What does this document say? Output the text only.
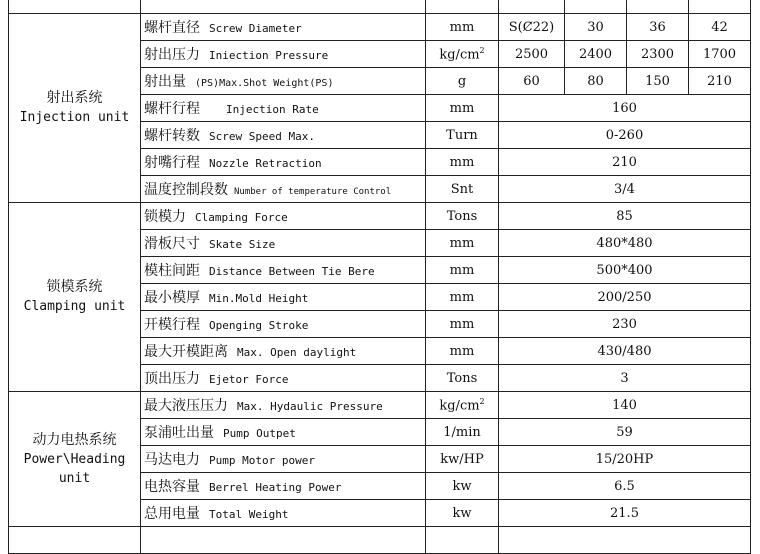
射出系统
Injection unit	螺杆直径 Screw Diameter	mm	S(Ȼ22)	30	36	42
	射出压力 Iniection Pressure	$kg/cm^2$	2500	2400	2300	1700
	射出量 (PS)Max.Shot Weight(PS)	g	60	80	150	210
	螺杆行程 Injection Rate	mm	160			
	螺杆转数 Screw Speed Max.	Turn	0-260			
	射嘴行程 Nozzle Retraction	mm	210			
	温度控制段数 Number of temperature Control	Snt	3/4			

锁模系统
Clamping unit	锁模力 Clamping Force	Tons	85			
	滑板尺寸 Skate Size	mm	480*480			
	模柱间距 Distance Between Tie Bere	mm	500*400			
	最小模厚 Min.Mold Height	mm	200/250			
	开模行程 Openging Stroke	mm	230			
	最大开模距离 Max. Open daylight	mm	430/480			
	顶出压力 Ejetor Force	Tons	3			

动力电热系统
Power\Heading
unit	最大液压压力 Max. Hydaulic Pressure	$kg/cm^2$	140			
	泵浦吐出量 Pump Outpet	1/min	59			
	马达电力 Pump Motor power	kw/HP	15/20HP			
	电热容量 Berrel Heating Power	kw	6.5			
	总用电量 Total Weight	kw	21.5			
